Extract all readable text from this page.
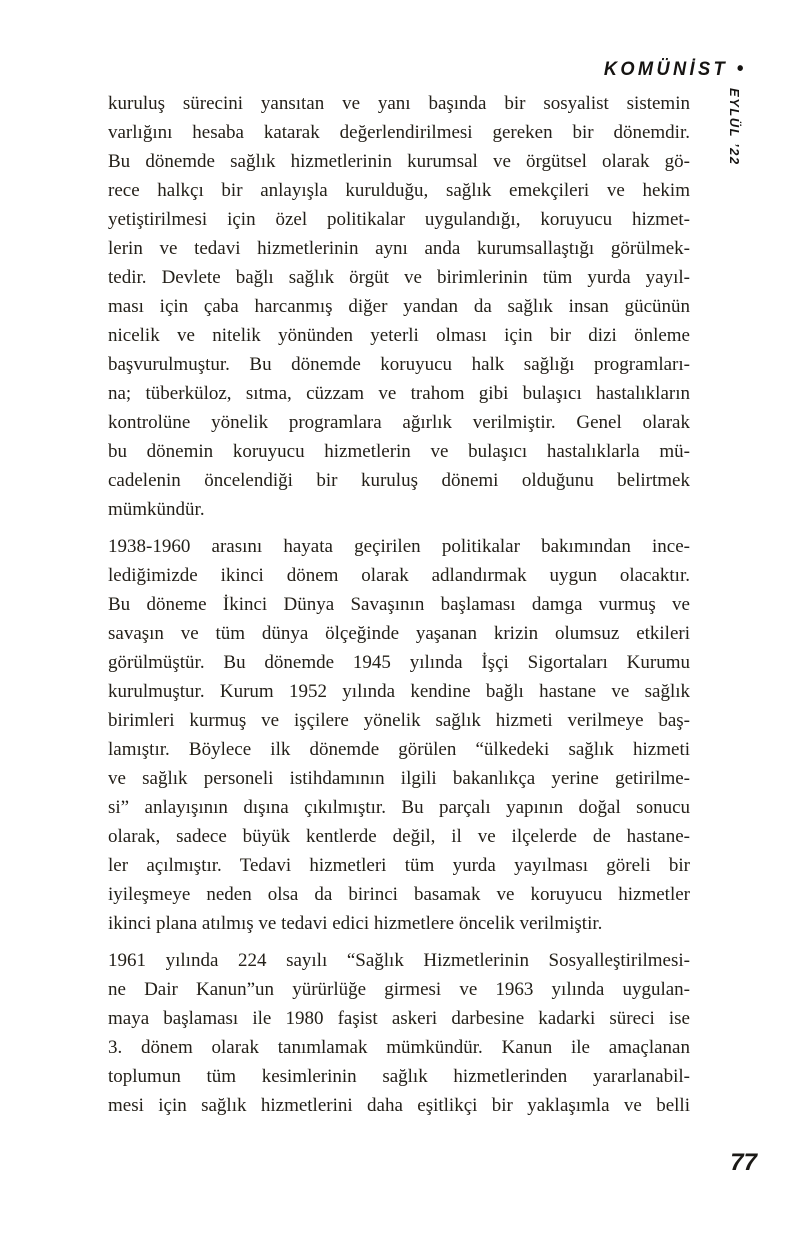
KOMÜNİST •
EYLÜL ’22
kuruluş sürecini yansıtan ve yanı başında bir sosyalist sistemin
varlığını hesaba katarak değerlendirilmesi gereken bir dönemdir.
Bu dönemde sağlık hizmetlerinin kurumsal ve örgütsel olarak gö-
rece halkçı bir anlayışla kurulduğu, sağlık emekçileri ve hekim
yetiştirilmesi için özel politikalar uygulandığı, koruyucu hizmet-
lerin ve tedavi hizmetlerinin aynı anda kurumsallaştığı görülmek-
tedir. Devlete bağlı sağlık örgüt ve birimlerinin tüm yurda yayıl-
ması için çaba harcanmış diğer yandan da sağlık insan gücünün
nicelik ve nitelik yönünden yeterli olması için bir dizi önleme
başvurulmuştur. Bu dönemde koruyucu halk sağlığı programları-
na; tüberküloz, sıtma, cüzzam ve trahom gibi bulaşıcı hastalıkların
kontrolüne yönelik programlara ağırlık verilmiştir. Genel olarak
bu dönemin koruyucu hizmetlerin ve bulaşıcı hastalıklarla mü-
cadelenin öncelendiği bir kuruluş dönemi olduğunu belirtmek
mümkündür.
1938-1960 arasını hayata geçirilen politikalar bakımından ince-
lediğimizde ikinci dönem olarak adlandırmak uygun olacaktır.
Bu döneme İkinci Dünya Savaşının başlaması damga vurmuş ve
savaşın ve tüm dünya ölçeğinde yaşanan krizin olumsuz etkileri
görülmüştür. Bu dönemde 1945 yılında İşçi Sigortaları Kurumu
kurulmuştur. Kurum 1952 yılında kendine bağlı hastane ve sağlık
birimleri kurmuş ve işçilere yönelik sağlık hizmeti verilmeye baş-
lamıştır. Böylece ilk dönemde görülen “ülkedeki sağlık hizmeti
ve sağlık personeli istihdamının ilgili bakanlıkça yerine getirilme-
si” anlayışının dışına çıkılmıştır. Bu parçalı yapının doğal sonucu
olarak, sadece büyük kentlerde değil, il ve ilçelerde de hastane-
ler açılmıştır. Tedavi hizmetleri tüm yurda yayılması göreli bir
iyileşmeye neden olsa da birinci basamak ve koruyucu hizmetler
ikinci plana atılmış ve tedavi edici hizmetlere öncelik verilmiştir.
1961 yılında 224 sayılı “Sağlık Hizmetlerinin Sosyalleştirilmesi-
ne Dair Kanun”un yürürlüğe girmesi ve 1963 yılında uygulan-
maya başlaması ile 1980 faşist askeri darbesine kadarki süreci ise
3. dönem olarak tanımlamak mümkündür. Kanun ile amaçlanan
toplumun tüm kesimlerinin sağlık hizmetlerinden yararlanabil-
mesi için sağlık hizmetlerini daha eşitlikçi bir yaklaşımla ve belli
77
